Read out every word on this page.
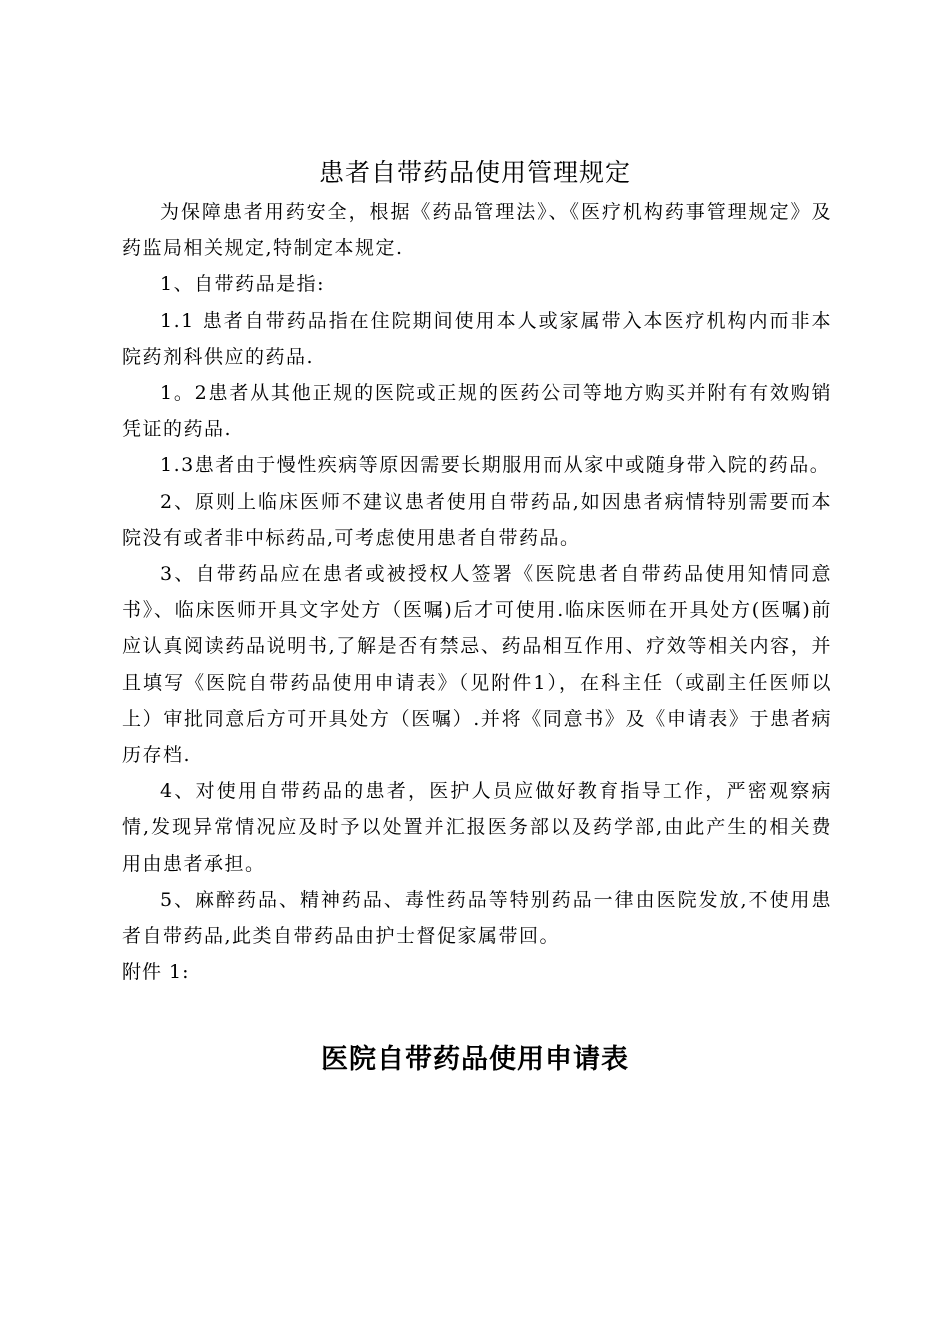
患者自带药品使用管理规定

为保障患者用药安全，根据《药品管理法》、《医疗机构药事管理规定》及药监局相关规定,特制定本规定.

1、自带药品是指:

1.1 患者自带药品指在住院期间使用本人或家属带入本医疗机构内而非本院药剂科供应的药品.

1。2患者从其他正规的医院或正规的医药公司等地方购买并附有有效购销凭证的药品.

1.3患者由于慢性疾病等原因需要长期服用而从家中或随身带入院的药品。

2、原则上临床医师不建议患者使用自带药品,如因患者病情特别需要而本院没有或者非中标药品,可考虑使用患者自带药品。

3、自带药品应在患者或被授权人签署《医院患者自带药品使用知情同意书》、临床医师开具文字处方（医嘱)后才可使用.临床医师在开具处方(医嘱)前应认真阅读药品说明书,了解是否有禁忌、药品相互作用、疗效等相关内容，并且填写《医院自带药品使用申请表》（见附件1），在科主任（或副主任医师以上）审批同意后方可开具处方（医嘱）.并将《同意书》及《申请表》于患者病历存档.

4、对使用自带药品的患者，医护人员应做好教育指导工作，严密观察病情,发现异常情况应及时予以处置并汇报医务部以及药学部,由此产生的相关费用由患者承担。

5、麻醉药品、精神药品、毒性药品等特别药品一律由医院发放,不使用患者自带药品,此类自带药品由护士督促家属带回。

附件 1:

医院自带药品使用申请表
